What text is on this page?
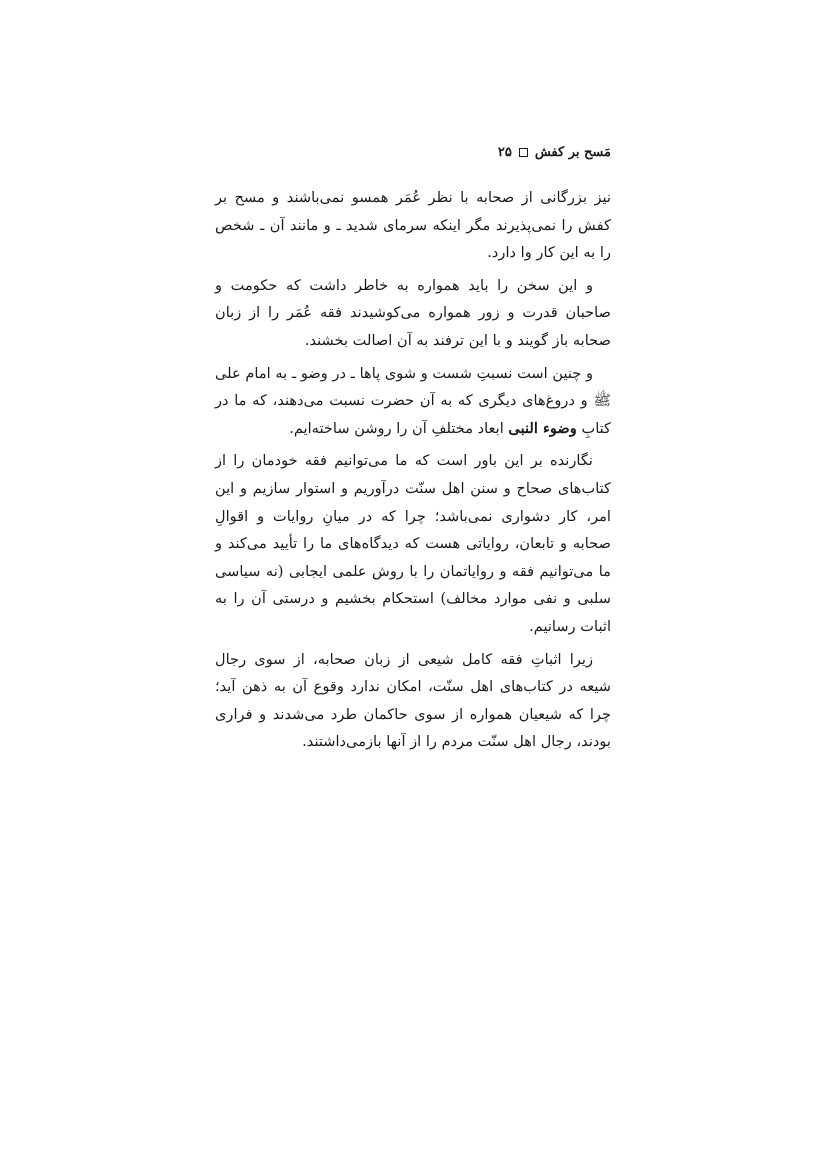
مَسح بر کفش
۲۵

نیز بزرگانی از صحابه با نظر عُمَر همسو نمی‌باشند و مسح بر کفش را نمی‌پذیرند مگر اینکه سرمای شدید ـ و مانند آن ـ شخص را به این کار وا دارد.

و این سخن را باید همواره به خاطر داشت که حکومت و صاحبان قدرت و زور همواره می‌کوشیدند فقه عُمَر را از زبان صحابه باز گویند و با این ترفند به آن اصالت بخشند.

و چنین است نسبتِ شست و شوی پاها ـ در وضو ـ به امام علی ﷺ و دروغ‌های دیگری که به آن حضرت نسبت می‌دهند، که ما در کتابِ وضوء النبی ابعاد مختلفِ آن را روشن ساخته‌ایم.

نگارنده بر این باور است که ما می‌توانیم فقه خودمان را از کتاب‌های صحاح و سنن اهل سنّت درآوریم و استوار سازیم و این امر، کار دشواری نمی‌باشد؛ چرا که در میانِ روایات و اقوالِ صحابه و تابعان، روایاتی هست که دیدگاه‌های ما را تأیید می‌کند و ما می‌توانیم فقه و روایاتمان را با روش علمی ایجابی (نه سیاسی سلبی و نفی موارد مخالف) استحکام بخشیم و درستی آن را به اثبات رسانیم.

زیرا اثباتِ فقه کامل شیعی از زبان صحابه، از سوی رجال شیعه در کتاب‌های اهل سنّت، امکان ندارد وقوع آن به ذهن آید؛ چرا که شیعیان همواره از سوی حاکمان طرد می‌شدند و فراری بودند، رجال اهل سنّت مردم را از آنها بازمی‌داشتند.
